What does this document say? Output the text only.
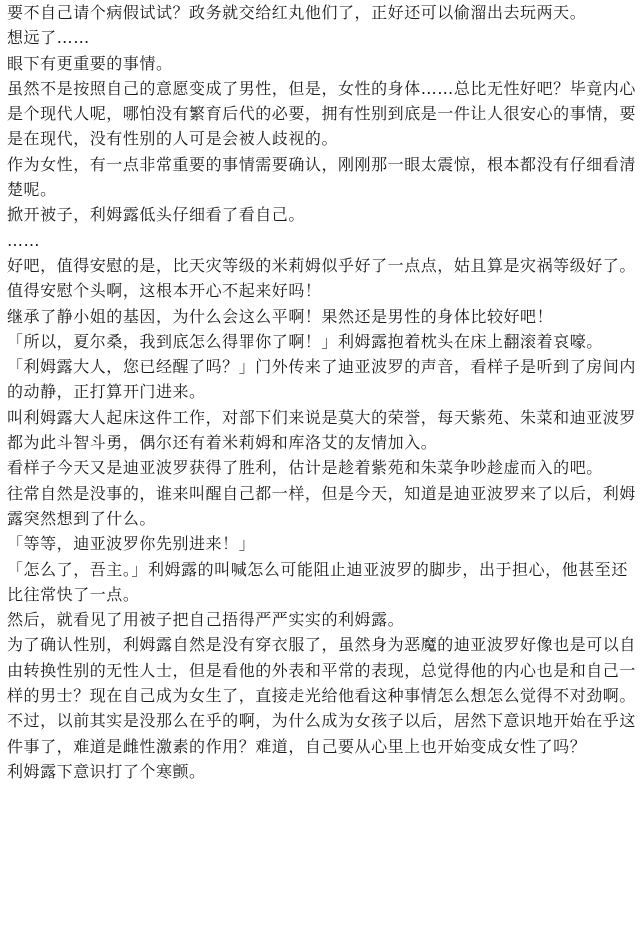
要不自己请个病假试试？政务就交给红丸他们了，正好还可以偷溜出去玩两天。

想远了……

眼下有更重要的事情。

虽然不是按照自己的意愿变成了男性，但是，女性的身体……总比无性好吧？毕竟内心是个现代人呢，哪怕没有繁育后代的必要，拥有性别到底是一件让人很安心的事情，要是在现代，没有性别的人可是会被人歧视的。

作为女性，有一点非常重要的事情需要确认，刚刚那一眼太震惊，根本都没有仔细看清楚呢。

掀开被子，利姆露低头仔细看了看自己。

……

好吧，值得安慰的是，比天灾等级的米莉姆似乎好了一点点，姑且算是灾祸等级好了。

值得安慰个头啊，这根本开心不起来好吗！

继承了静小姐的基因，为什么会这么平啊！果然还是男性的身体比较好吧！

「所以，夏尔桑，我到底怎么得罪你了啊！」利姆露抱着枕头在床上翻滚着哀嚎。

「利姆露大人，您已经醒了吗？」门外传来了迪亚波罗的声音，看样子是听到了房间内的动静，正打算开门进来。

叫利姆露大人起床这件工作，对部下们来说是莫大的荣誉，每天紫苑、朱菜和迪亚波罗都为此斗智斗勇，偶尔还有着米莉姆和库洛艾的友情加入。

看样子今天又是迪亚波罗获得了胜利，估计是趁着紫苑和朱菜争吵趁虚而入的吧。

往常自然是没事的，谁来叫醒自己都一样，但是今天，知道是迪亚波罗来了以后，利姆露突然想到了什么。

「等等，迪亚波罗你先别进来！」

「怎么了，吾主。」利姆露的叫喊怎么可能阻止迪亚波罗的脚步，出于担心，他甚至还比往常快了一点。

然后，就看见了用被子把自己捂得严严实实的利姆露。

为了确认性别，利姆露自然是没有穿衣服了，虽然身为恶魔的迪亚波罗好像也是可以自由转换性别的无性人士，但是看他的外表和平常的表现，总觉得他的内心也是和自己一样的男士？现在自己成为女生了，直接走光给他看这种事情怎么想怎么觉得不对劲啊。

不过，以前其实是没那么在乎的啊，为什么成为女孩子以后，居然下意识地开始在乎这件事了，难道是雌性激素的作用？难道，自己要从心里上也开始变成女性了吗？

利姆露下意识打了个寒颤。
